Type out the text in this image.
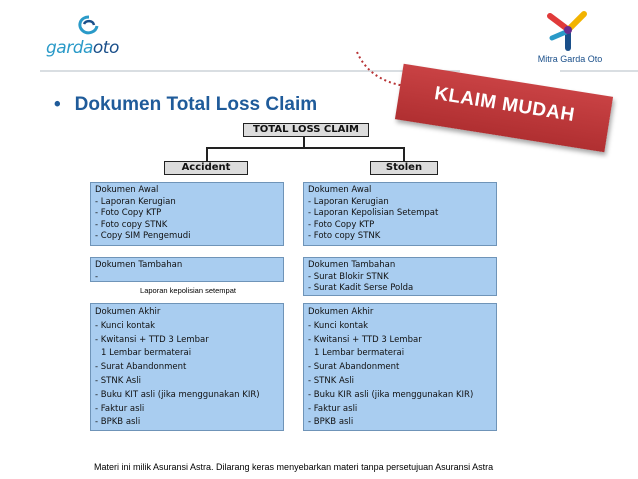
gardaoto
Mitra Garda Oto
KLAIM MUDAH
• Dokumen Total Loss Claim
TOTAL LOSS CLAIM
Accident	Stolen
Dokumen Awal
- Laporan Kerugian
- Foto Copy KTP
- Foto copy STNK
- Copy SIM Pengemudi
Dokumen Tambahan
-
Laporan kepolisian setempat
Dokumen Akhir
- Kunci kontak
- Kwitansi + TTD 3 Lembar
1 Lembar bermaterai
- Surat Abandonment
- STNK Asli
- Buku KIT asli (jika menggunakan KIR)
- Faktur asli
- BPKB asli
Dokumen Awal
- Laporan Kerugian
- Laporan Kepolisian Setempat
- Foto Copy KTP
- Foto copy STNK
Dokumen Tambahan
- Surat Blokir STNK
- Surat Kadit Serse Polda
Dokumen Akhir
- Kunci kontak
- Kwitansi + TTD 3 Lembar
1 Lembar bermaterai
- Surat Abandonment
- STNK Asli
- Buku KIR asli (jika menggunakan KIR)
- Faktur asli
- BPKB asli
Materi ini milik Asuransi Astra. Dilarang keras menyebarkan materi tanpa persetujuan Asuransi Astra
